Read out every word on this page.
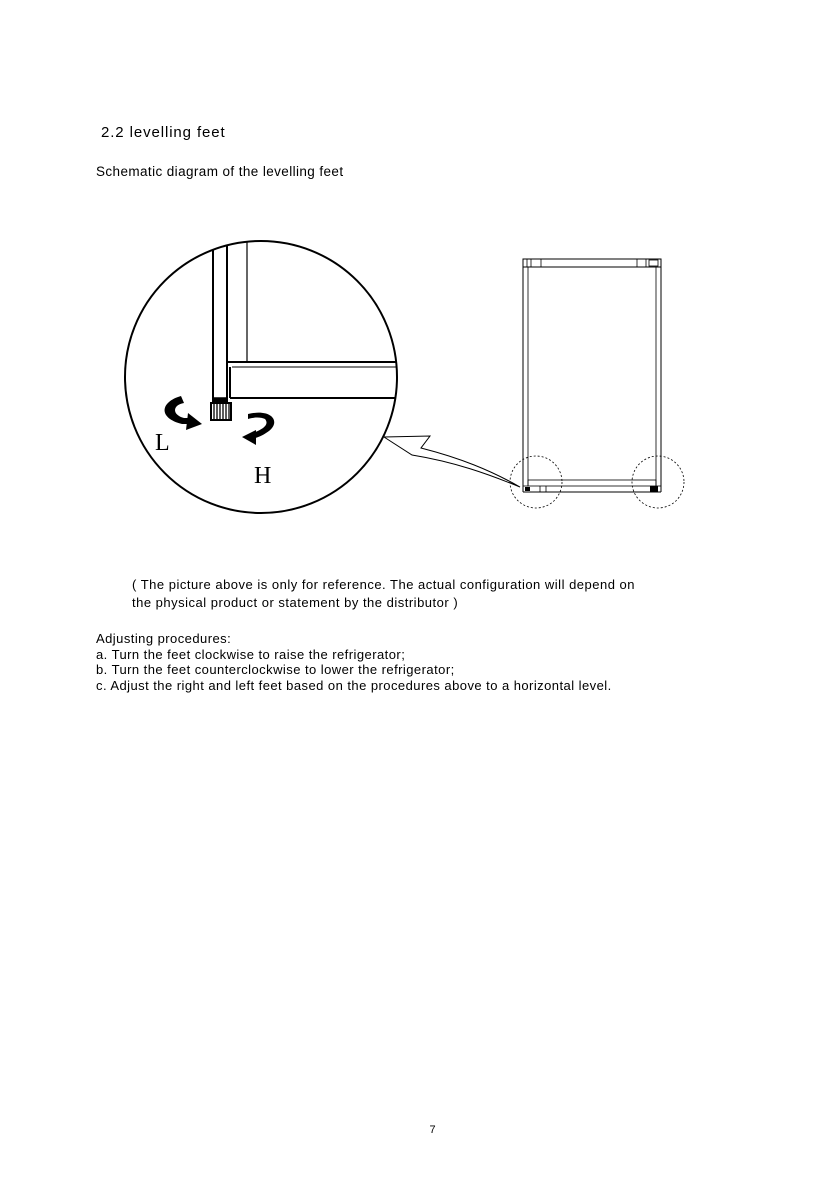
2.2 levelling feet
Schematic diagram of the levelling feet
L
H
( The picture above is only for reference. The actual configuration will depend on
the physical product or statement by the distributor )
Adjusting procedures:
a. Turn the feet clockwise to raise the refrigerator;
b. Turn the feet counterclockwise to lower the refrigerator;
c. Adjust the right and left feet based on the procedures above to a horizontal level.
7
